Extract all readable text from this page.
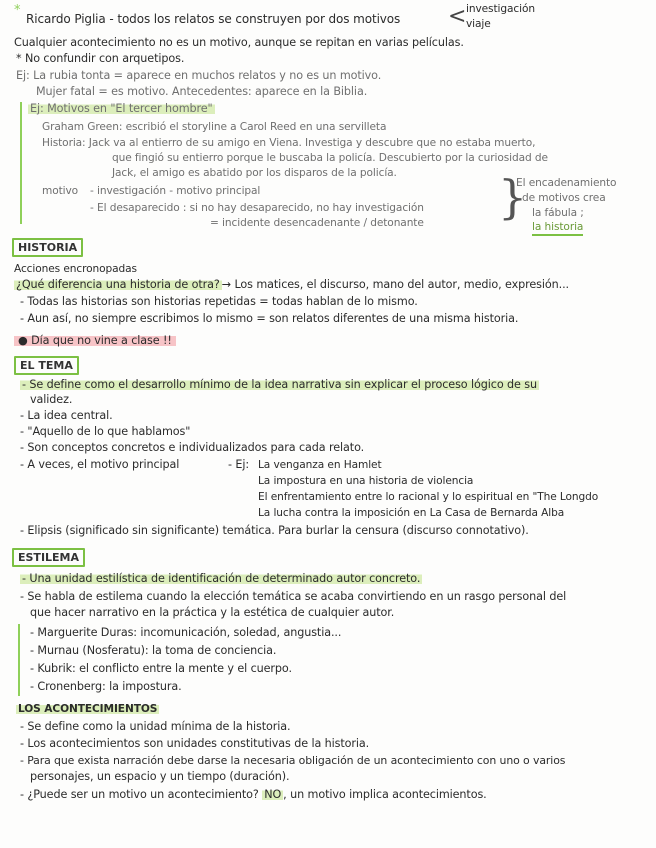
*
Ricardo Piglia - todos los relatos se construyen por dos motivos < investigación
viaje
Cualquier acontecimiento no es un motivo, aunque se repitan en varias películas.
* No confundir con arquetipos.
Ej: La rubia tonta = aparece en muchos relatos y no es un motivo.
Mujer fatal = es motivo. Antecedentes: aparece en la Biblia.
Ej: Motivos en "El tercer hombre"
Graham Green: escribió el storyline a Carol Reed en una servilleta
Historia: Jack va al entierro de su amigo en Viena. Investiga y descubre que no estaba muerto,
que fingió su entierro porque le buscaba la policía. Descubierto por la curiosidad de
Jack, el amigo es abatido por los disparos de la policía.
motivo - investigación - motivo principal
- El desaparecido : si no hay desaparecido, no hay investigación
= incidente desencadenante / detonante }
El encadenamiento
de motivos crea
la fábula ;
la historia
HISTORIA
Acciones encronopadas
¿Qué diferencia una historia de otra? → Los matices, el discurso, mano del autor, medio, expresión...
- Todas las historias son historias repetidas = todas hablan de lo mismo.
- Aun así, no siempre escribimos lo mismo = son relatos diferentes de una misma historia.
● Día que no vine a clase !!
EL TEMA
- Se define como el desarrollo mínimo de la idea narrativa sin explicar el proceso lógico de su
validez.
- La idea central.
- "Aquello de lo que hablamos"
- Son conceptos concretos e individualizados para cada relato.
- A veces, el motivo principal	- Ej: La venganza en Hamlet
La impostura en una historia de violencia
El enfrentamiento entre lo racional y lo espiritual en "The Longdo
La lucha contra la imposición en La Casa de Bernarda Alba
- Elipsis (significado sin significante) temática. Para burlar la censura (discurso connotativo).
ESTILEMA
- Una unidad estilística de identificación de determinado autor concreto.
- Se habla de estilema cuando la elección temática se acaba convirtiendo en un rasgo personal del
que hacer narrativo en la práctica y la estética de cualquier autor.
- Marguerite Duras: incomunicación, soledad, angustia...
- Murnau (Nosferatu): la toma de conciencia.
- Kubrik: el conflicto entre la mente y el cuerpo.
- Cronenberg: la impostura.
LOS ACONTECIMIENTOS
- Se define como la unidad mínima de la historia.
- Los acontecimientos son unidades constitutivas de la historia.
- Para que exista narración debe darse la necesaria obligación de un acontecimiento con uno o varios
personajes, un espacio y un tiempo (duración).
- ¿Puede ser un motivo un acontecimiento? NO , un motivo implica acontecimientos.
